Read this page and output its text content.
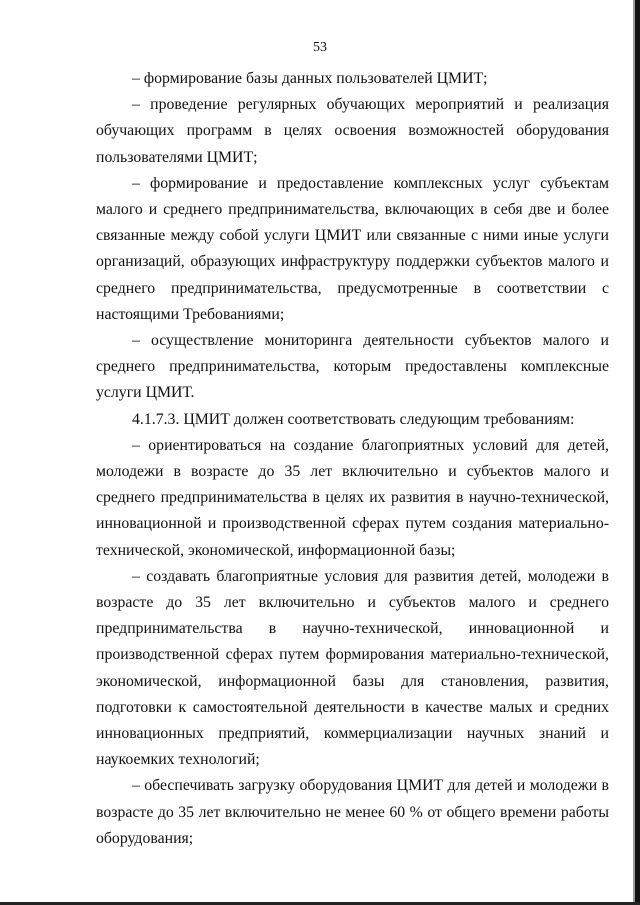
53

– формирование базы данных пользователей ЦМИТ;

– проведение регулярных обучающих мероприятий и реализация обучающих программ в целях освоения возможностей оборудования пользователями ЦМИТ;

– формирование и предоставление комплексных услуг субъектам малого и среднего предпринимательства, включающих в себя две и более связанные между собой услуги ЦМИТ или связанные с ними иные услуги организаций, образующих инфраструктуру поддержки субъектов малого и среднего предпринимательства, предусмотренные в соответствии с настоящими Требованиями;

– осуществление мониторинга деятельности субъектов малого и среднего предпринимательства, которым предоставлены комплексные услуги ЦМИТ.

4.1.7.3. ЦМИТ должен соответствовать следующим требованиям:

– ориентироваться на создание благоприятных условий для детей, молодежи в возрасте до 35 лет включительно и субъектов малого и среднего предпринимательства в целях их развития в научно-технической, инновационной и производственной сферах путем создания материально-технической, экономической, информационной базы;

– создавать благоприятные условия для развития детей, молодежи в возрасте до 35 лет включительно и субъектов малого и среднего предпринимательства в научно-технической, инновационной и производственной сферах путем формирования материально-технической, экономической, информационной базы для становления, развития, подготовки к самостоятельной деятельности в качестве малых и средних инновационных предприятий, коммерциализации научных знаний и наукоемких технологий;

– обеспечивать загрузку оборудования ЦМИТ для детей и молодежи в возрасте до 35 лет включительно не менее 60 % от общего времени работы оборудования;
